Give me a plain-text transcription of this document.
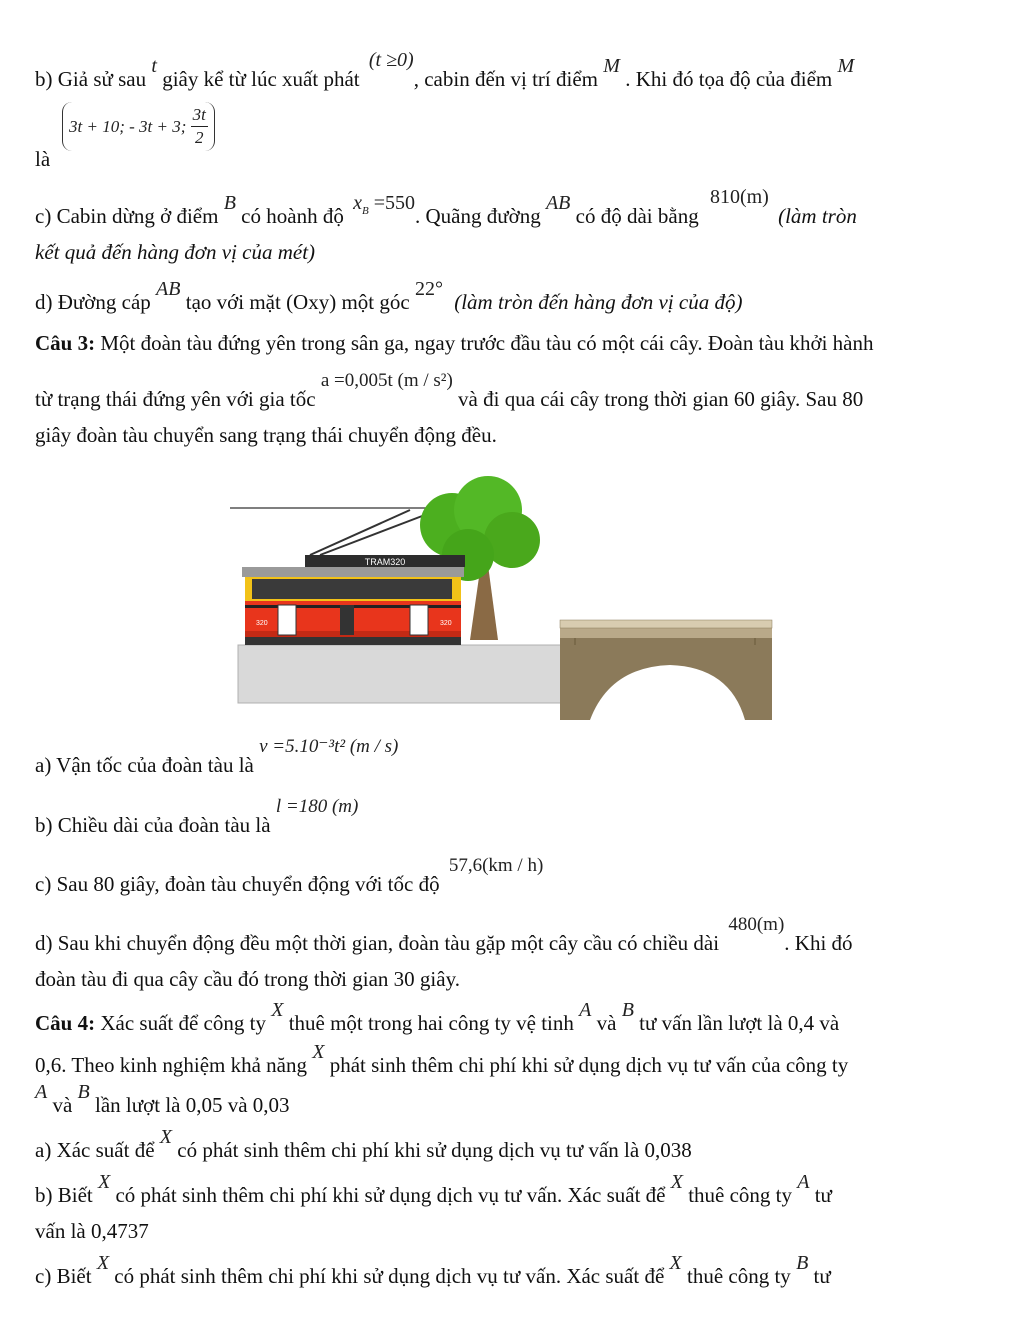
b) Giả sử sau t giây kể từ lúc xuất phát (t ≥0), cabin đến vị trí điểm M . Khi đó tọa độ của điểm M
là
3t + 10; - 3t + 3; $\frac{3t}{2}$
c) Cabin dừng ở điểm B có hoành độ $x_B =550$. Quãng đường AB có độ dài bằng 810(m) (làm tròn
kết quả đến hàng đơn vị của mét)
d) Đường cáp AB tạo với mặt (Oxy) một góc 22° (làm tròn đến hàng đơn vị của độ)
Câu 3: Một đoàn tàu đứng yên trong sân ga, ngay trước đầu tàu có một cái cây. Đoàn tàu khởi hành
từ trạng thái đứng yên với gia tốc a =0,005t (m / s²) và đi qua cái cây trong thời gian 60 giây. Sau 80
giây đoàn tàu chuyển sang trạng thái chuyển động đều.
TRAM320
320	320
a) Vận tốc của đoàn tàu là v =5.10⁻³t² (m / s)
b) Chiều dài của đoàn tàu là l =180 (m)
c) Sau 80 giây, đoàn tàu chuyển động với tốc độ 57,6(km / h)
d) Sau khi chuyển động đều một thời gian, đoàn tàu gặp một cây cầu có chiều dài 480(m). Khi đó
đoàn tàu đi qua cây cầu đó trong thời gian 30 giây.
Câu 4: Xác suất để công ty X thuê một trong hai công ty vệ tinh A và B tư vấn lần lượt là 0,4 và
0,6. Theo kinh nghiệm khả năng X phát sinh thêm chi phí khi sử dụng dịch vụ tư vấn của công ty
A và B lần lượt là 0,05 và 0,03
a) Xác suất để X có phát sinh thêm chi phí khi sử dụng dịch vụ tư vấn là 0,038
b) Biết X có phát sinh thêm chi phí khi sử dụng dịch vụ tư vấn. Xác suất để X thuê công ty A tư
vấn là 0,4737
c) Biết X có phát sinh thêm chi phí khi sử dụng dịch vụ tư vấn. Xác suất để X thuê công ty B tư
